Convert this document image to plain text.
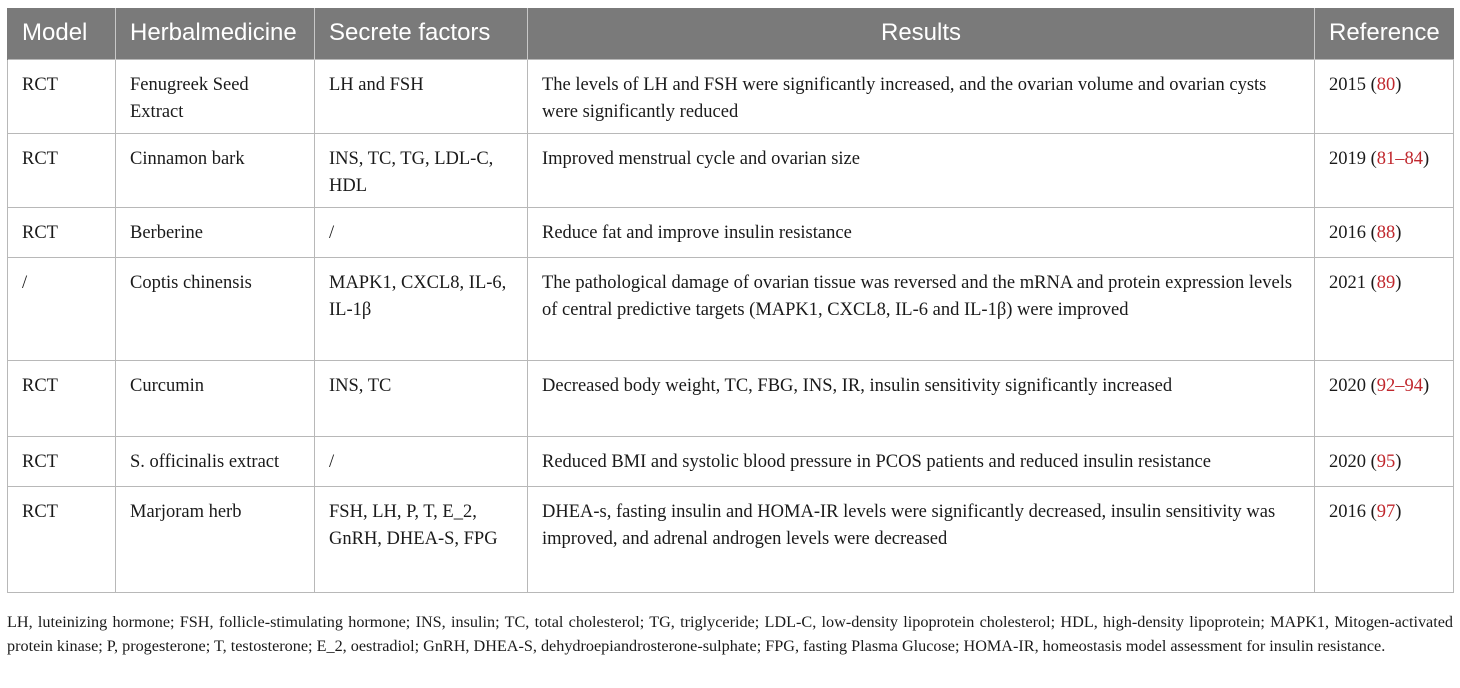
Model	Herbalmedicine	Secrete factors	Results	Reference
RCT	Fenugreek Seed Extract	LH and FSH	The levels of LH and FSH were significantly increased, and the ovarian volume and ovarian cysts were significantly reduced	2015 (80)
RCT	Cinnamon bark	INS, TC, TG, LDL-C, HDL	Improved menstrual cycle and ovarian size	2019 (81–84)
RCT	Berberine	/	Reduce fat and improve insulin resistance	2016 (88)
/	Coptis chinensis	MAPK1, CXCL8, IL-6, IL-1β	The pathological damage of ovarian tissue was reversed and the mRNA and protein expression levels of central predictive targets (MAPK1, CXCL8, IL-6 and IL-1β) were improved	2021 (89)
RCT	Curcumin	INS, TC	Decreased body weight, TC, FBG, INS, IR, insulin sensitivity significantly increased	2020 (92–94)
RCT	S. officinalis extract	/	Reduced BMI and systolic blood pressure in PCOS patients and reduced insulin resistance	2020 (95)
RCT	Marjoram herb	FSH, LH, P, T, E_2, GnRH, DHEA-S, FPG	DHEA-s, fasting insulin and HOMA-IR levels were significantly decreased, insulin sensitivity was improved, and adrenal androgen levels were decreased	2016 (97)
LH, luteinizing hormone; FSH, follicle-stimulating hormone; INS, insulin; TC, total cholesterol; TG, triglyceride; LDL-C, low-density lipoprotein cholesterol; HDL, high-density lipoprotein; MAPK1, Mitogen-activated protein kinase; P, progesterone; T, testosterone; E_2, oestradiol; GnRH, DHEA-S, dehydroepiandrosterone-sulphate; FPG, fasting Plasma Glucose; HOMA-IR, homeostasis model assessment for insulin resistance.
